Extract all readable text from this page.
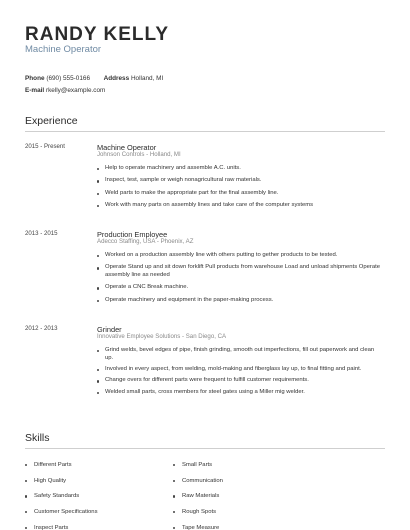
RANDY KELLY
Machine Operator
Phone (690) 555-0166 Address Holland, MI
E-mail rkelly@example.com
Experience
2015 - Present	Machine Operator
Johnson Controls - Holland, MI
Help to operate machinery and assemble A.C. units.
Inspect, test, sample or weigh nonagricultural raw materials.
Weld parts to make the appropriate part for the final assembly line.
Work with many parts on assembly lines and take care of the computer systems
2013 - 2015	Production Employee
Adecco Staffing, USA - Phoenix, AZ
Worked on a production assembly line with others putting to gether products to be tested.
Operate Stand up and sit down forklift Pull products from warehouse Load and unload shipments Operate assembly line as needed
Operate a CNC Break machine.
Operate machinery and equipment in the paper-making process.
2012 - 2013	Grinder
Innovative Employee Solutions - San Diego, CA
Grind welds, bevel edges of pipe, finish grinding, smooth out imperfections, fill out paperwork and clean up.
Involved in every aspect, from welding, mold-making and fiberglass lay up, to final fitting and paint.
Change overs for different parts were frequent to fulfill customer requirements.
Welded small parts, cross members for steel gates using a Miller mig welder.
Skills
Different Parts
High Quality
Safety Standards
Customer Specifications
Inspect Parts
Small Parts
Communication
Raw Materials
Rough Spots
Tape Measure
